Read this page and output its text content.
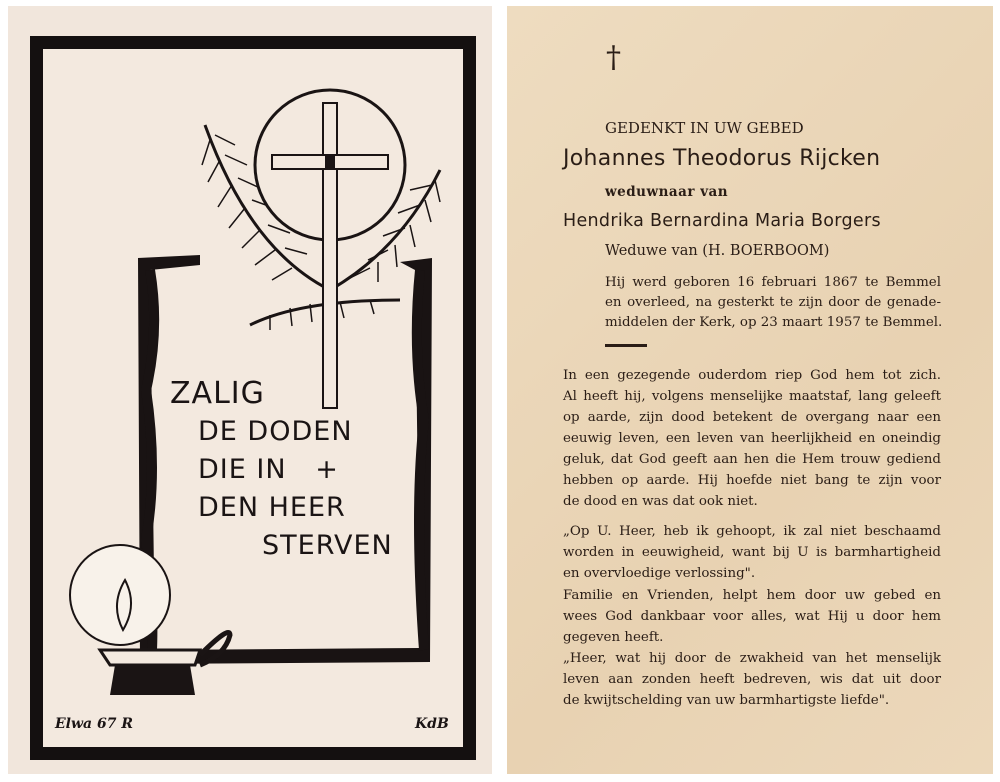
ZALIG
DE DODEN
DIE IN   +
DEN HEER
STERVEN
Elwa 67 R	KdB
†
GEDENKT IN UW GEBED
Johannes Theodorus Rijcken
weduwnaar van
Hendrika Bernardina Maria Borgers
Weduwe van (H. BOERBOOM)
Hij werd geboren 16 februari 1867 te Bemmel
en overleed, na gesterkt te zijn door de genade-
middelen der Kerk, op 23 maart 1957 te Bemmel.
In een gezegende ouderdom riep God hem tot zich.
Al heeft hij, volgens menselijke maatstaf, lang geleeft
op aarde, zijn dood betekent de overgang naar een
eeuwig leven, een leven van heerlijkheid en oneindig
geluk, dat God geeft aan hen die Hem trouw gediend
hebben op aarde. Hij hoefde niet bang te zijn voor
de dood en was dat ook niet.
„Op U. Heer, heb ik gehoopt, ik zal niet beschaamd
worden in eeuwigheid, want bij U is barmhartigheid
en overvloedige verlossing".
Familie en Vrienden, helpt hem door uw gebed en
wees God dankbaar voor alles, wat Hij u door hem
gegeven heeft.
„Heer, wat hij door de zwakheid van het menselijk
leven aan zonden heeft bedreven, wis dat uit door
de kwijtschelding van uw barmhartigste liefde".
